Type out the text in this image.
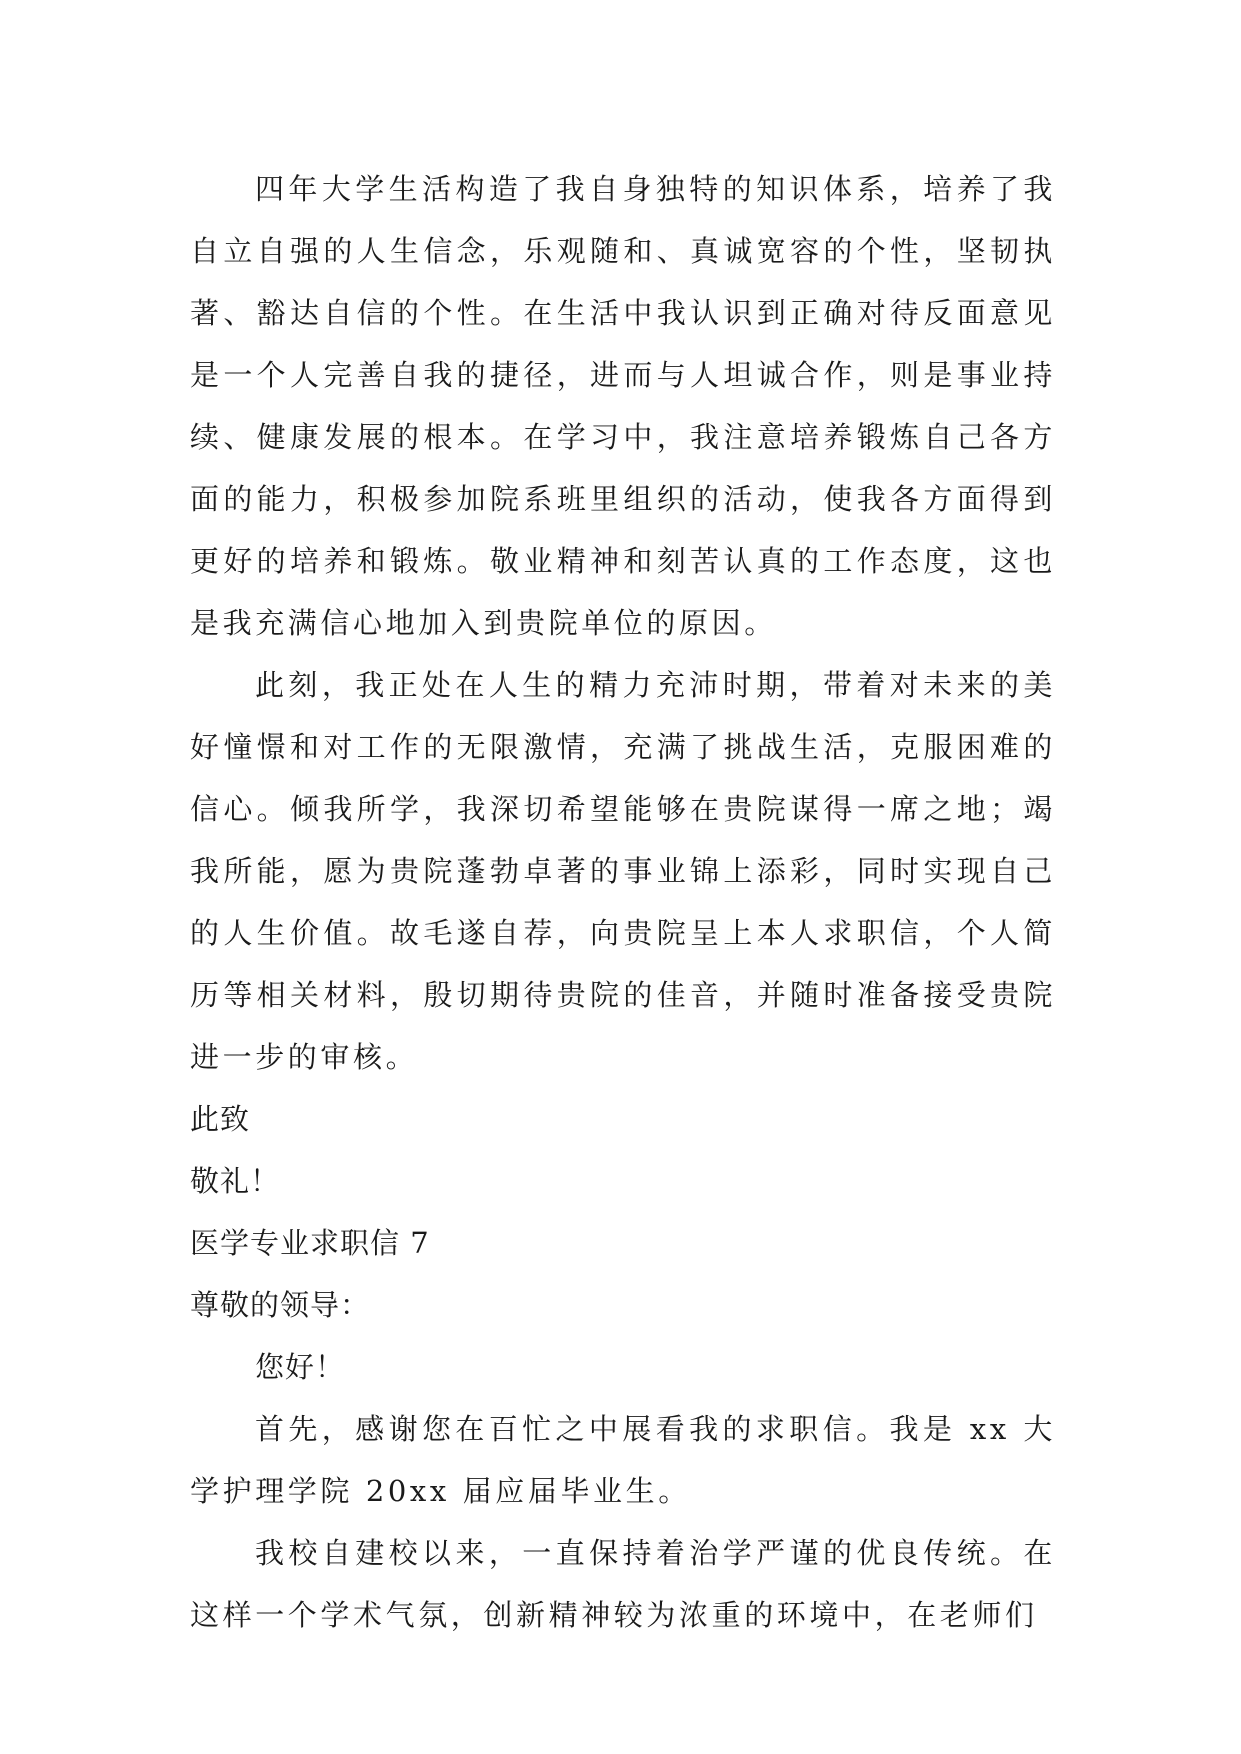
四年大学生活构造了我自身独特的知识体系，培养了我自立自强的人生信念，乐观随和、真诚宽容的个性，坚韧执著、豁达自信的个性。在生活中我认识到正确对待反面意见是一个人完善自我的捷径，进而与人坦诚合作，则是事业持续、健康发展的根本。在学习中，我注意培养锻炼自己各方面的能力，积极参加院系班里组织的活动，使我各方面得到更好的培养和锻炼。敬业精神和刻苦认真的工作态度，这也是我充满信心地加入到贵院单位的原因。

此刻，我正处在人生的精力充沛时期，带着对未来的美好憧憬和对工作的无限激情，充满了挑战生活，克服困难的信心。倾我所学，我深切希望能够在贵院谋得一席之地；竭我所能，愿为贵院蓬勃卓著的事业锦上添彩，同时实现自己的人生价值。故毛遂自荐，向贵院呈上本人求职信，个人简历等相关材料，殷切期待贵院的佳音，并随时准备接受贵院进一步的审核。

此致

敬礼！

医学专业求职信 7

尊敬的领导：

您好！

首先，感谢您在百忙之中展看我的求职信。我是 xx 大学护理学院 20xx 届应届毕业生。

我校自建校以来，一直保持着治学严谨的优良传统。在这样一个学术气氛，创新精神较为浓重的环境中，在老师们
